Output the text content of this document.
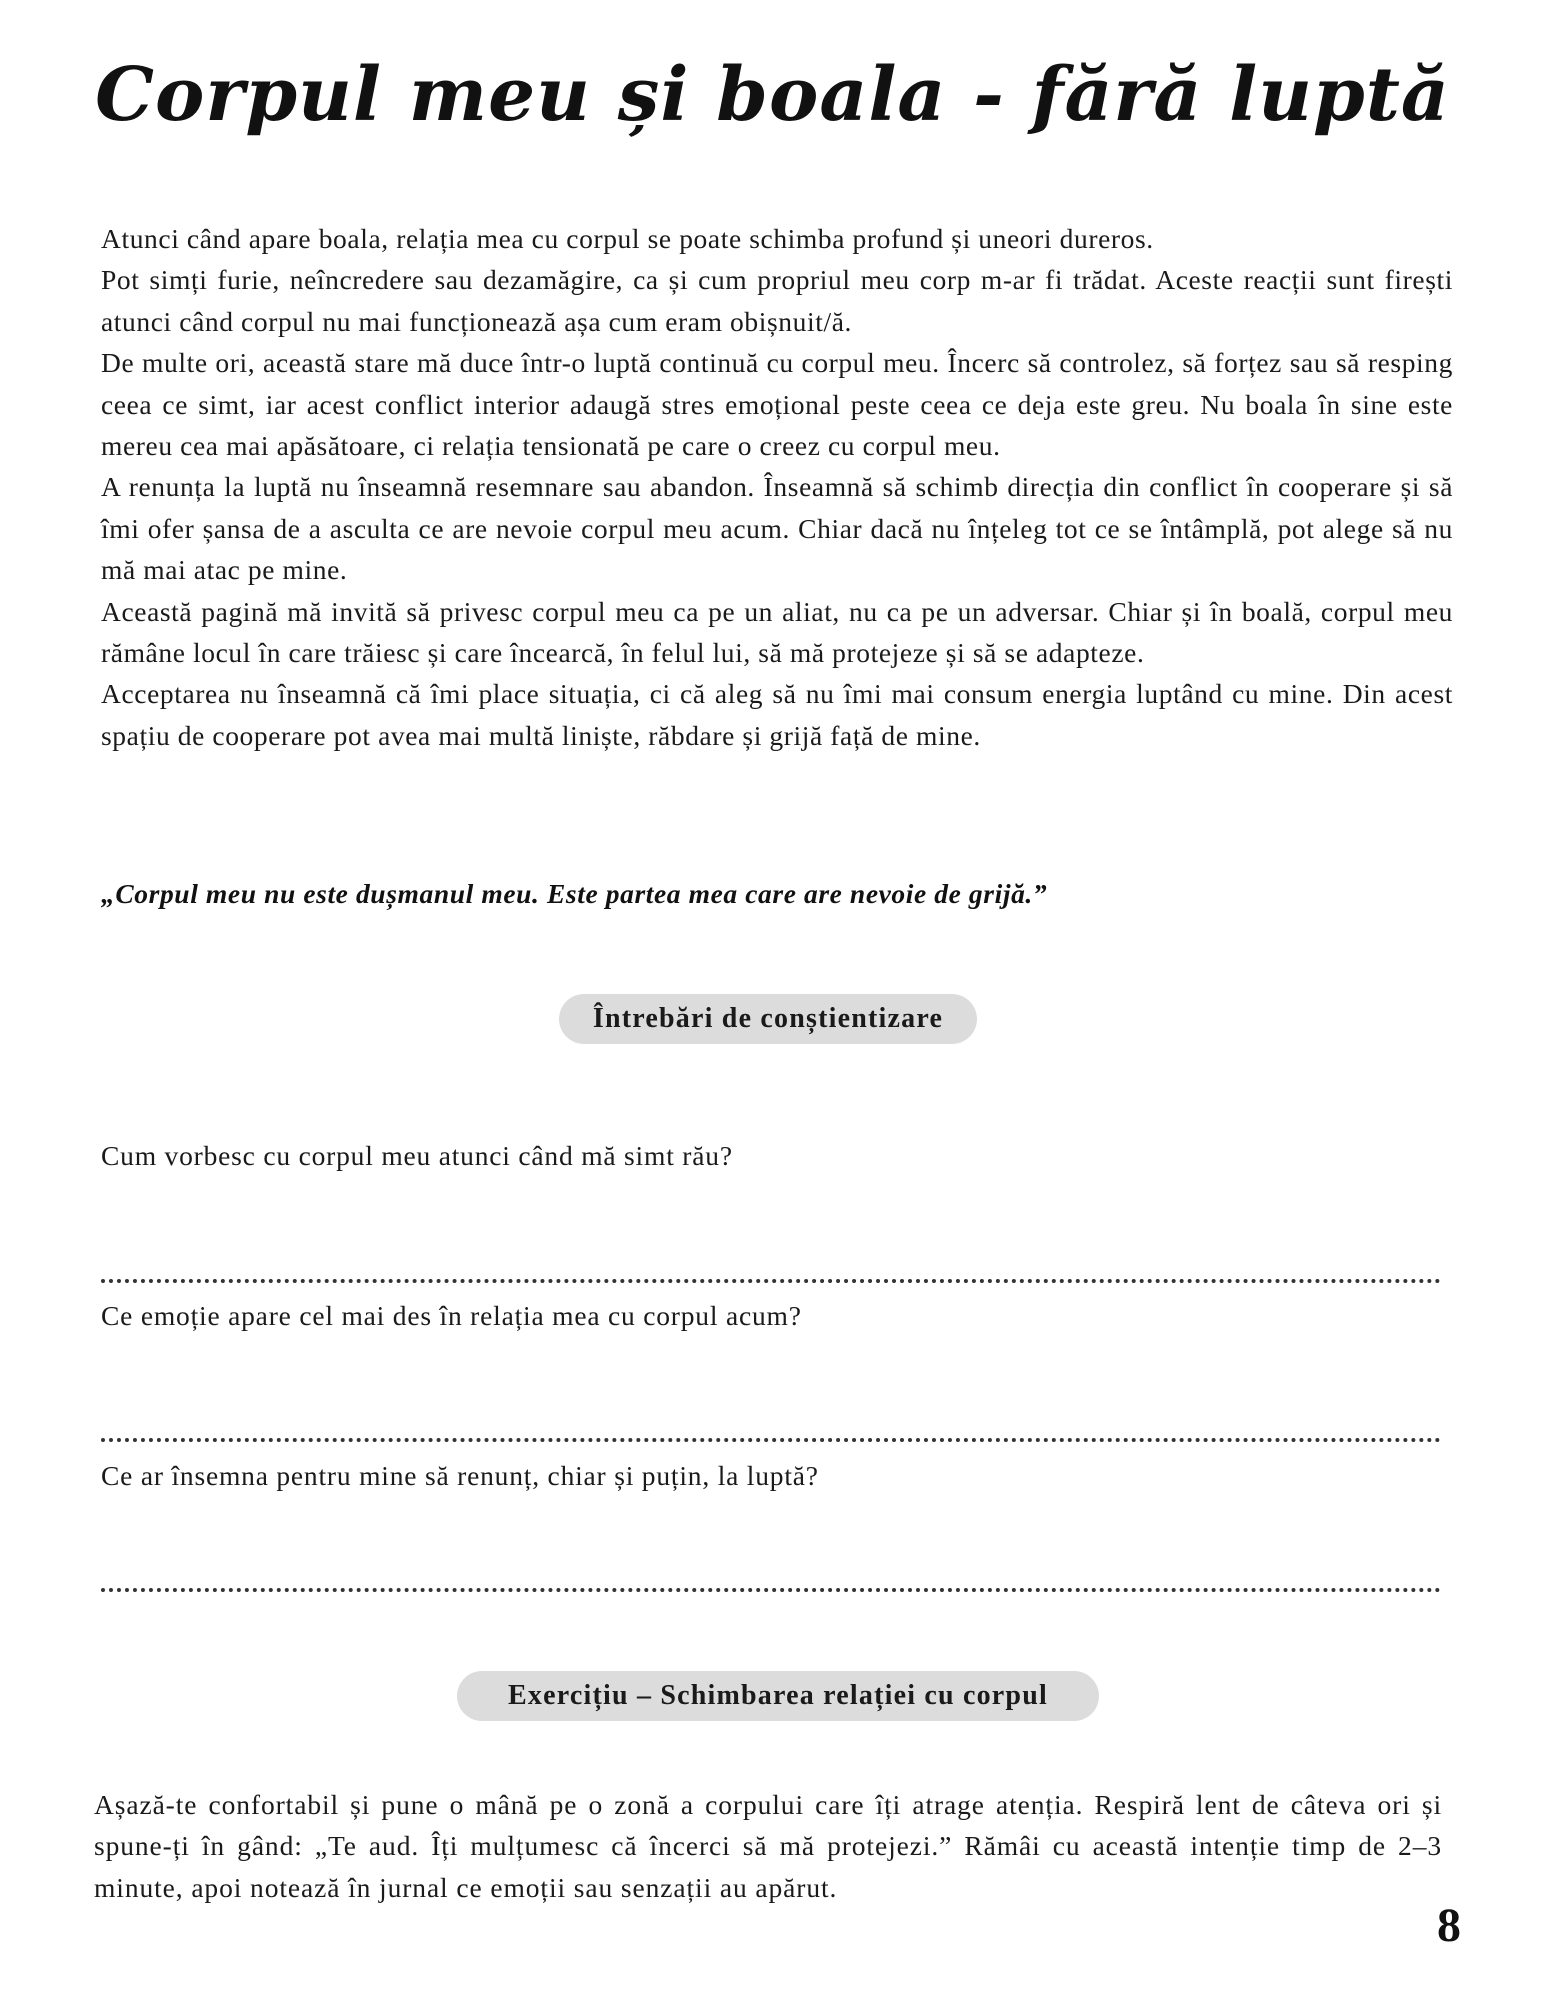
Corpul meu și boala - fără luptă

Atunci când apare boala, relația mea cu corpul se poate schimba profund și uneori dureros.

Pot simți furie, neîncredere sau dezamăgire, ca și cum propriul meu corp m-ar fi trădat. Aceste reacții sunt firești atunci când corpul nu mai funcționează așa cum eram obișnuit/ă.

De multe ori, această stare mă duce într-o luptă continuă cu corpul meu. Încerc să controlez, să forțez sau să resping ceea ce simt, iar acest conflict interior adaugă stres emoțional peste ceea ce deja este greu. Nu boala în sine este mereu cea mai apăsătoare, ci relația tensionată pe care o creez cu corpul meu.

A renunța la luptă nu înseamnă resemnare sau abandon. Înseamnă să schimb direcția din conflict în cooperare și să îmi ofer șansa de a asculta ce are nevoie corpul meu acum. Chiar dacă nu înțeleg tot ce se întâmplă, pot alege să nu mă mai atac pe mine.

Această pagină mă invită să privesc corpul meu ca pe un aliat, nu ca pe un adversar. Chiar și în boală, corpul meu rămâne locul în care trăiesc și care încearcă, în felul lui, să mă protejeze și să se adapteze.

Acceptarea nu înseamnă că îmi place situația, ci că aleg să nu îmi mai consum energia luptând cu mine. Din acest spațiu de cooperare pot avea mai multă liniște, răbdare și grijă față de mine.

„Corpul meu nu este dușmanul meu. Este partea mea care are nevoie de grijă.”

Întrebări de conștientizare

Cum vorbesc cu corpul meu atunci când mă simt rău?

Ce emoție apare cel mai des în relația mea cu corpul acum?

Ce ar însemna pentru mine să renunț, chiar și puțin, la luptă?

Exercițiu – Schimbarea relației cu corpul

Așază-te confortabil și pune o mână pe o zonă a corpului care îți atrage atenția. Respiră lent de câteva ori și spune-ți în gând: „Te aud. Îți mulțumesc că încerci să mă protejezi.” Rămâi cu această intenție timp de 2–3 minute, apoi notează în jurnal ce emoții sau senzații au apărut.

8
